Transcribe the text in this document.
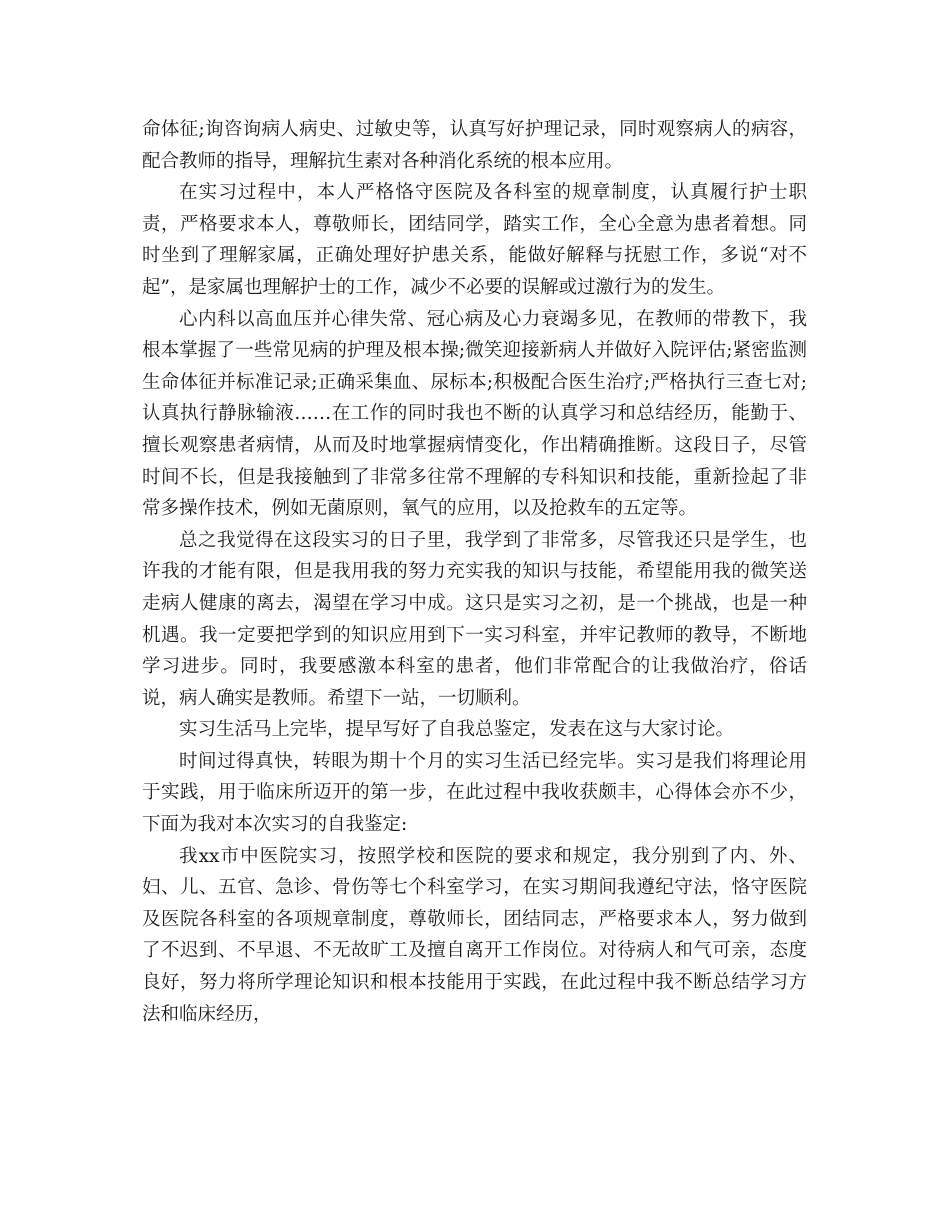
命体征;询咨询病人病史、过敏史等，认真写好护理记录，同时观察病人的病容，配合教师的指导，理解抗生素对各种消化系统的根本应用。

在实习过程中，本人严格恪守医院及各科室的规章制度，认真履行护士职责，严格要求本人，尊敬师长，团结同学，踏实工作，全心全意为患者着想。同时坐到了理解家属，正确处理好护患关系，能做好解释与抚慰工作，多说“对不起”，是家属也理解护士的工作，减少不必要的误解或过激行为的发生。

心内科以高血压并心律失常、冠心病及心力衰竭多见，在教师的带教下，我根本掌握了一些常见病的护理及根本操;微笑迎接新病人并做好入院评估;紧密监测生命体征并标准记录;正确采集血、尿标本;积极配合医生治疗;严格执行三查七对;认真执行静脉输液……在工作的同时我也不断的认真学习和总结经历，能勤于、擅长观察患者病情，从而及时地掌握病情变化，作出精确推断。这段日子，尽管时间不长，但是我接触到了非常多往常不理解的专科知识和技能，重新捡起了非常多操作技术，例如无菌原则，氧气的应用，以及抢救车的五定等。

总之我觉得在这段实习的日子里，我学到了非常多，尽管我还只是学生，也许我的才能有限，但是我用我的努力充实我的知识与技能，希望能用我的微笑送走病人健康的离去，渴望在学习中成。这只是实习之初，是一个挑战，也是一种机遇。我一定要把学到的知识应用到下一实习科室，并牢记教师的教导，不断地学习进步。同时，我要感激本科室的患者，他们非常配合的让我做治疗，俗话说，病人确实是教师。希望下一站，一切顺利。

实习生活马上完毕，提早写好了自我总鉴定，发表在这与大家讨论。

时间过得真快，转眼为期十个月的实习生活已经完毕。实习是我们将理论用于实践，用于临床所迈开的第一步，在此过程中我收获颇丰，心得体会亦不少，下面为我对本次实习的自我鉴定:

我xx市中医院实习，按照学校和医院的要求和规定，我分别到了内、外、妇、儿、五官、急诊、骨伤等七个科室学习，在实习期间我遵纪守法，恪守医院及医院各科室的各项规章制度，尊敬师长，团结同志，严格要求本人，努力做到了不迟到、不早退、不无故旷工及擅自离开工作岗位。对待病人和气可亲，态度良好，努力将所学理论知识和根本技能用于实践，在此过程中我不断总结学习方法和临床经历，
